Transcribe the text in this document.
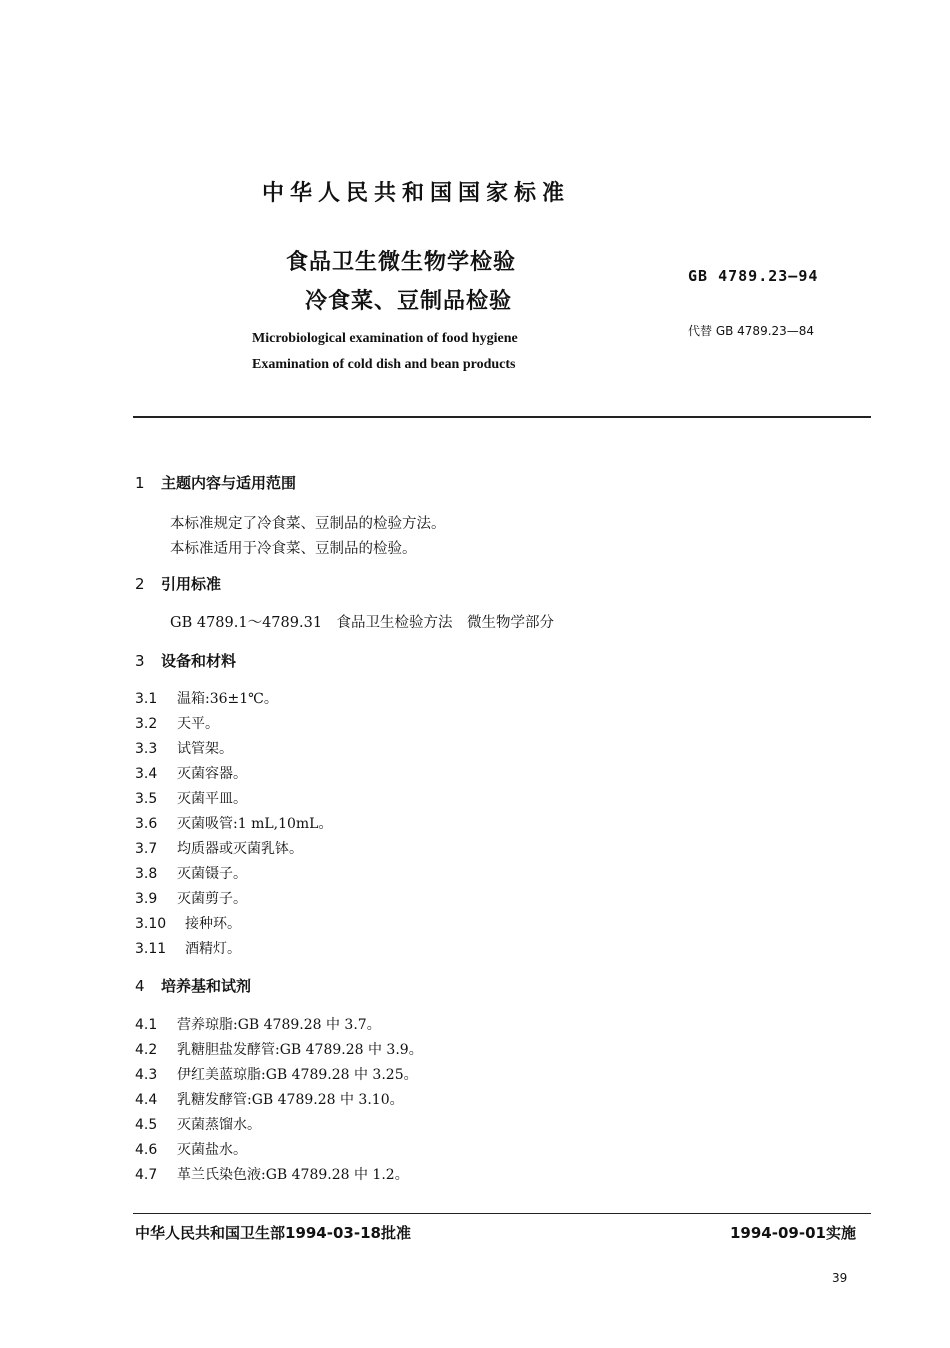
中华人民共和国国家标准
食品卫生微生物学检验
冷食菜、豆制品检验
Microbiological examination of food hygiene
Examination of cold dish and bean products
GB 4789.23—94
代替 GB 4789.23—84
1 主题内容与适用范围
本标准规定了冷食菜、豆制品的检验方法。
本标准适用于冷食菜、豆制品的检验。
2 引用标准
GB 4789.1～4789.31　食品卫生检验方法　微生物学部分
3 设备和材料
3.1 温箱:36±1℃。
3.2 天平。
3.3 试管架。
3.4 灭菌容器。
3.5 灭菌平皿。
3.6 灭菌吸管:1 mL,10mL。
3.7 均质器或灭菌乳钵。
3.8 灭菌镊子。
3.9 灭菌剪子。
3.10 接种环。
3.11 酒精灯。
4 培养基和试剂
4.1 营养琼脂:GB 4789.28 中 3.7。
4.2 乳糖胆盐发酵管:GB 4789.28 中 3.9。
4.3 伊红美蓝琼脂:GB 4789.28 中 3.25。
4.4 乳糖发酵管:GB 4789.28 中 3.10。
4.5 灭菌蒸馏水。
4.6 灭菌盐水。
4.7 革兰氏染色液:GB 4789.28 中 1.2。
中华人民共和国卫生部1994-03-18批准	1994-09-01实施
39
